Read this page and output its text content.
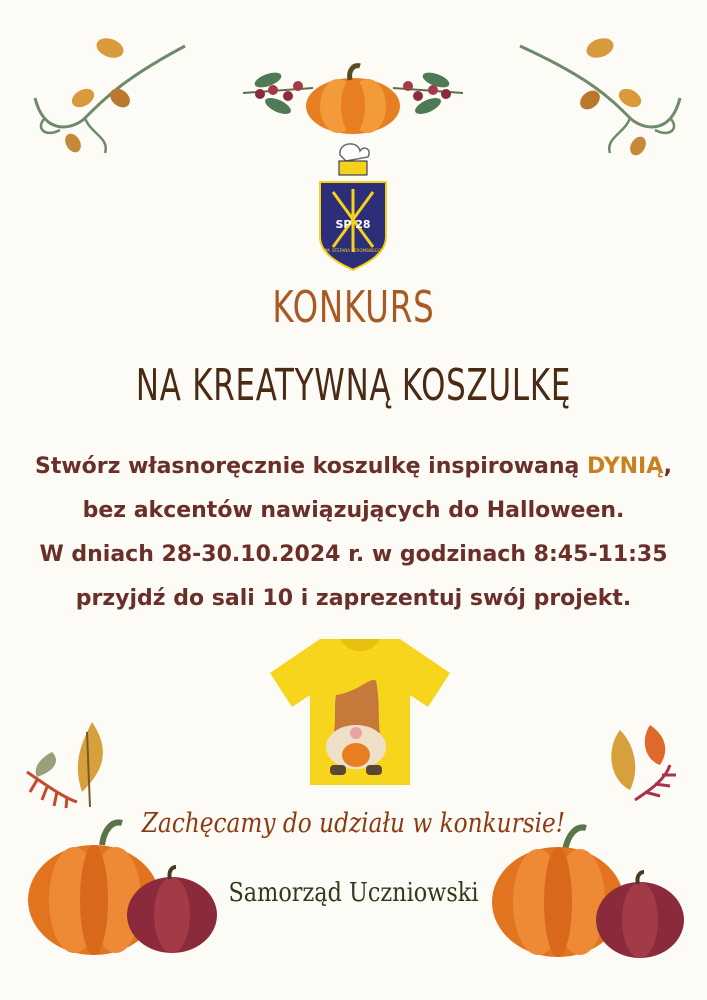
SP 28
IM. STEFANA ŻEROMSKIEGO
KONKURS
NA KREATYWNĄ KOSZULKĘ
Stwórz własnoręcznie koszulkę inspirowaną DYNIĄ,
bez akcentów nawiązujących do Halloween.
W dniach 28-30.10.2024 r. w godzinach 8:45-11:35
przyjdź do sali 10 i zaprezentuj swój projekt.
Zachęcamy do udziału w konkursie!
Samorząd Uczniowski
